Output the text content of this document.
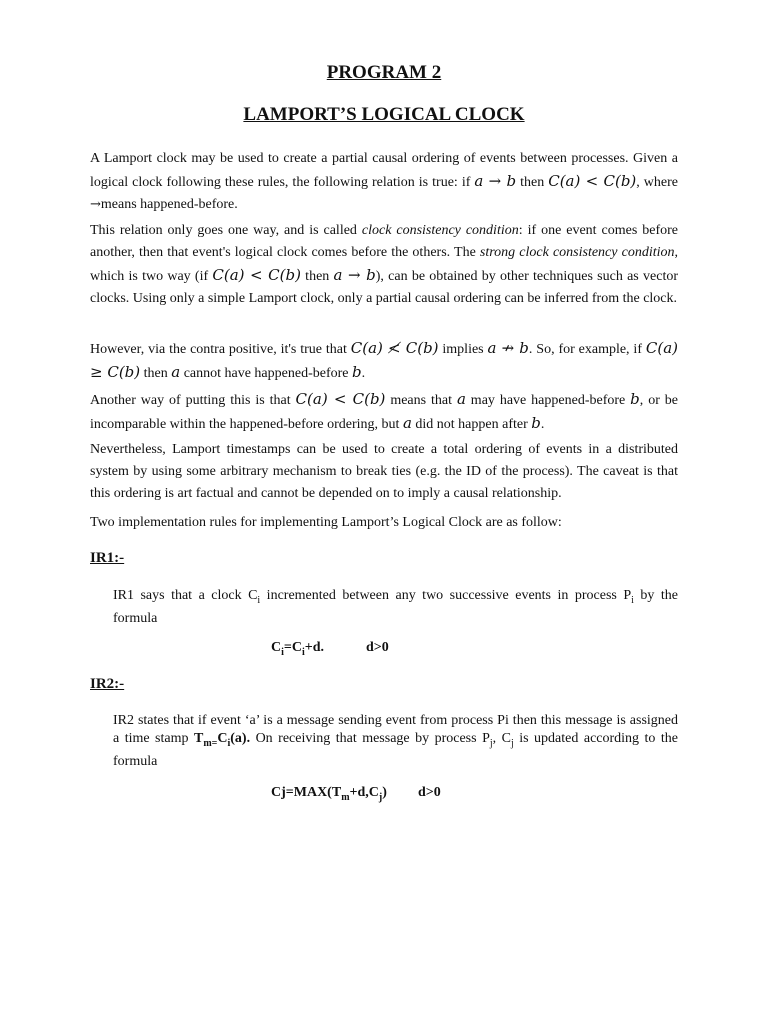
PROGRAM 2
LAMPORT’S LOGICAL CLOCK
A Lamport clock may be used to create a partial causal ordering of events between processes. Given a logical clock following these rules, the following relation is true: if a → b then C(a) < C(b), where →means happened-before.
This relation only goes one way, and is called clock consistency condition: if one event comes before another, then that event's logical clock comes before the others. The strong clock consistency condition, which is two way (if C(a) < C(b) then a → b), can be obtained by other techniques such as vector clocks. Using only a simple Lamport clock, only a partial causal ordering can be inferred from the clock.
However, via the contra positive, it's true that C(a) ≮ C(b) implies a ↛ b. So, for example, if C(a) ≥ C(b) then a cannot have happened-before b.
Another way of putting this is that C(a) < C(b) means that a may have happened-before b, or be incomparable within the happened-before ordering, but a did not happen after b.
Nevertheless, Lamport timestamps can be used to create a total ordering of events in a distributed system by using some arbitrary mechanism to break ties (e.g. the ID of the process). The caveat is that this ordering is art factual and cannot be depended on to imply a causal relationship.
Two implementation rules for implementing Lamport’s Logical Clock are as follow:
IR1:-
IR1 says that a clock $C_i$ incremented between any two successive events in process $P_i$ by the formula
$C_i=C_i+d$.	d>0
IR2:-
IR2 states that if event ‘a’ is a message sending event from process Pi then this message is assigned a time stamp $T_{m=}C_i(a)$. On receiving that message by process $P_j$, $C_j$ is updated according to the formula
$Cj=MAX(T_m+d,C_j)$ d>0
